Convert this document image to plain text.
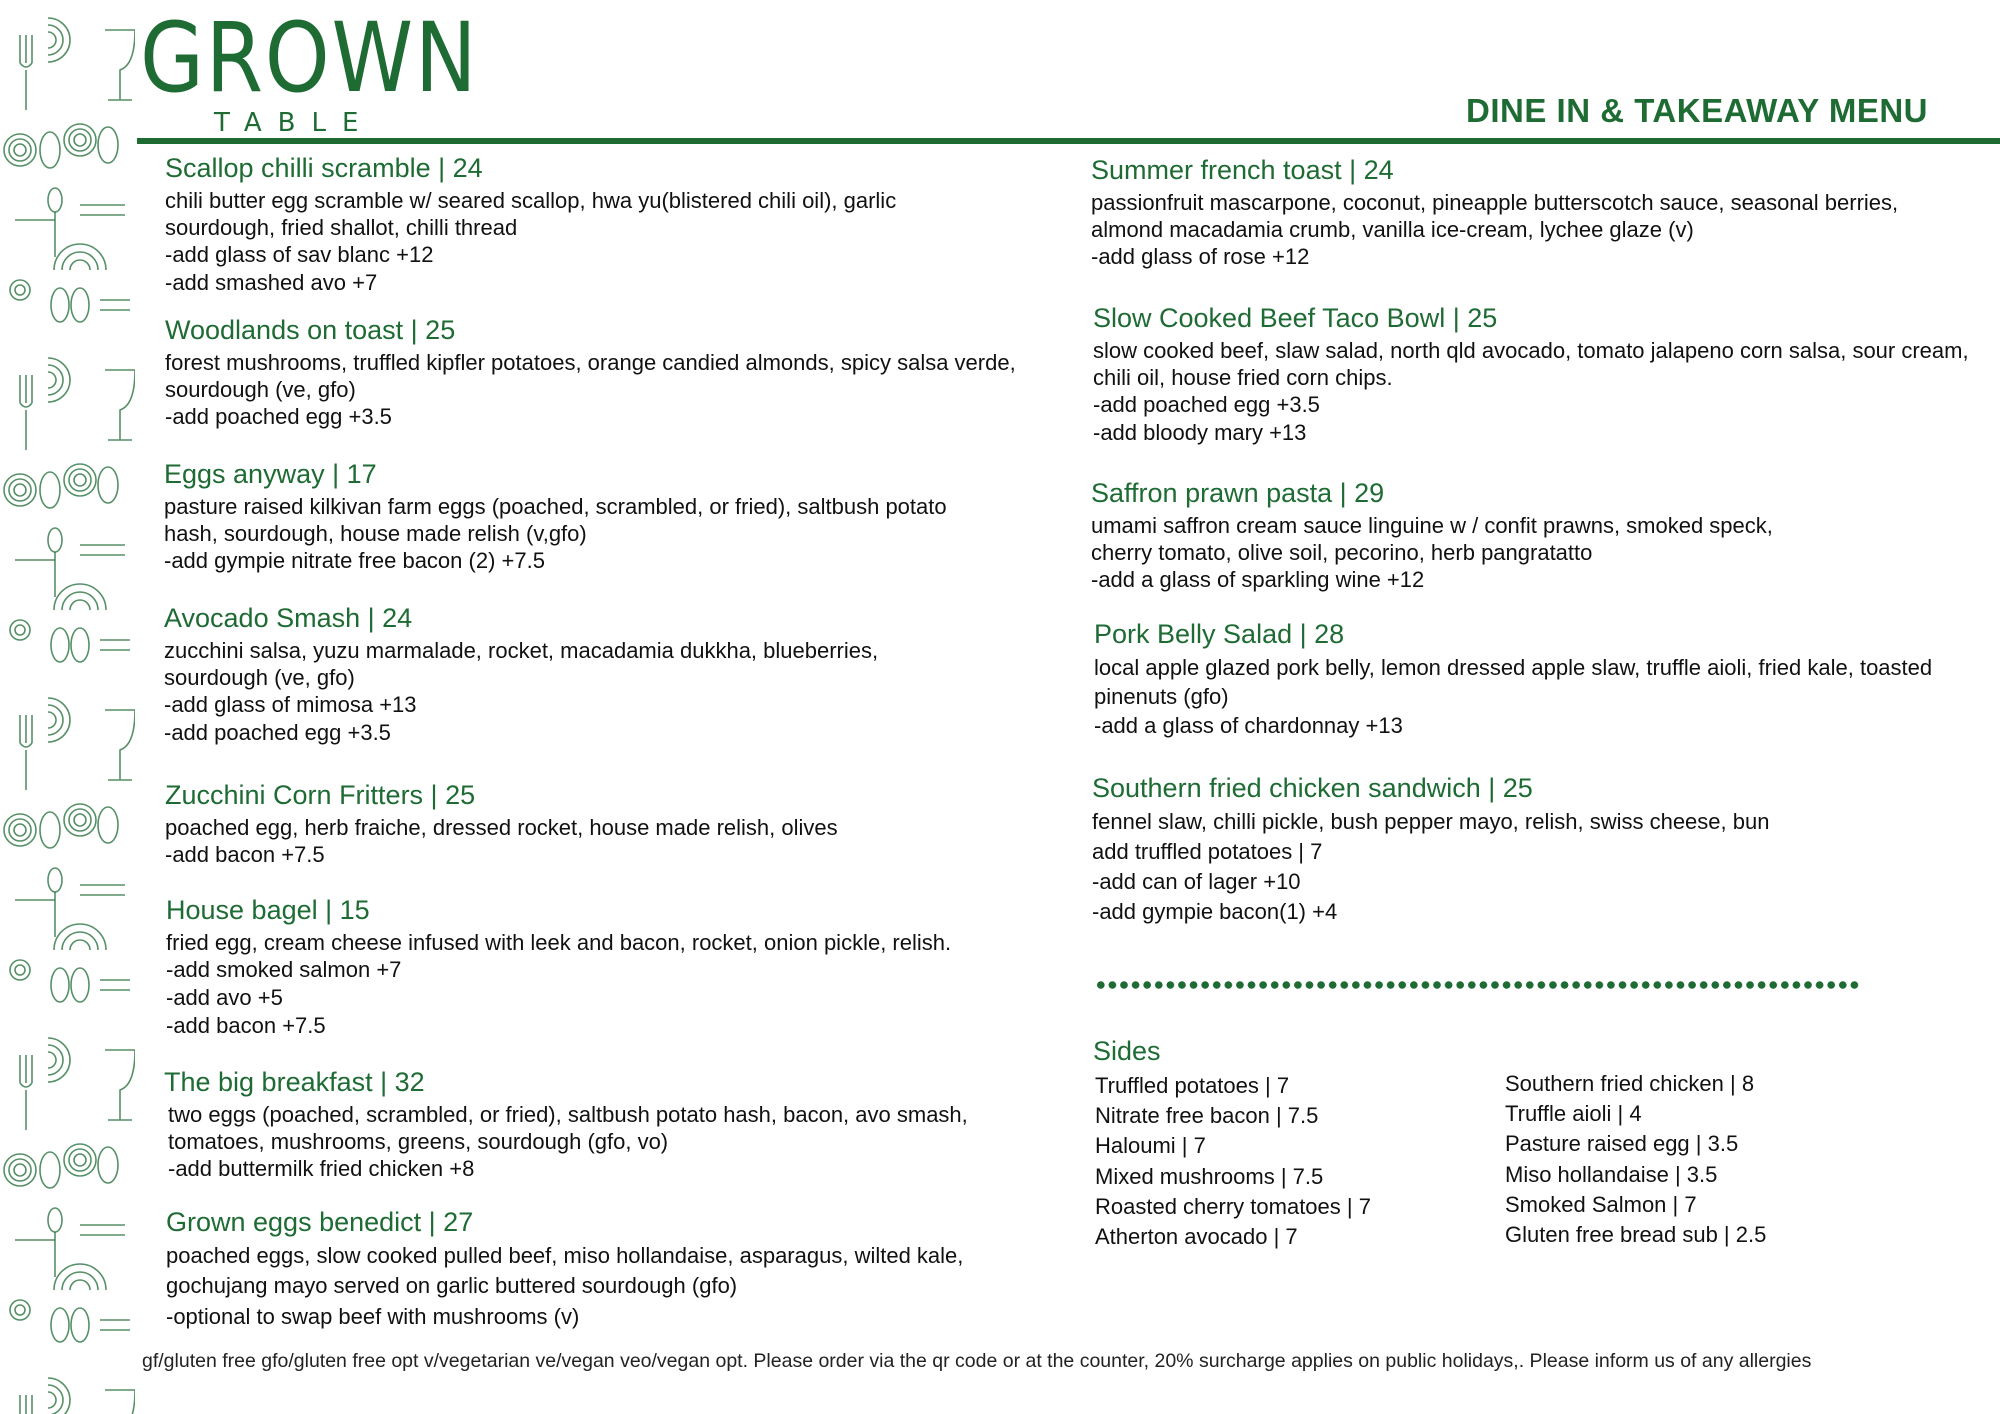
GROWN
TABLE	DINE IN & TAKEAWAY MENU
Scallop chilli scramble | 24
chili butter egg scramble w/ seared scallop, hwa yu(blistered chili oil), garlic sourdough, fried shallot, chilli thread
-add glass of sav blanc +12
-add smashed avo +7
Woodlands on toast | 25
forest mushrooms, truffled kipfler potatoes, orange candied almonds, spicy salsa verde, sourdough (ve, gfo)
-add poached egg +3.5
Eggs anyway | 17
pasture raised kilkivan farm eggs (poached, scrambled, or fried), saltbush potato hash, sourdough, house made relish (v,gfo)
-add gympie nitrate free bacon (2) +7.5
Avocado Smash | 24
zucchini salsa, yuzu marmalade, rocket, macadamia dukkha, blueberries, sourdough (ve, gfo)
-add glass of mimosa +13
-add poached egg +3.5
Zucchini Corn Fritters | 25
poached egg, herb fraiche, dressed rocket, house made relish, olives
-add bacon +7.5
House bagel | 15
fried egg, cream cheese infused with leek and bacon, rocket, onion pickle, relish.
-add smoked salmon +7
-add avo +5
-add bacon +7.5
The big breakfast | 32
two eggs (poached, scrambled, or fried), saltbush potato hash, bacon, avo smash, tomatoes, mushrooms, greens, sourdough (gfo, vo)
-add buttermilk fried chicken +8
Grown eggs benedict | 27
poached eggs, slow cooked pulled beef, miso hollandaise, asparagus, wilted kale, gochujang mayo served on garlic buttered sourdough (gfo)
-optional to swap beef with mushrooms (v)
Summer french toast | 24
passionfruit mascarpone, coconut, pineapple butterscotch sauce, seasonal berries, almond macadamia crumb, vanilla ice-cream, lychee glaze (v)
-add glass of rose +12
Slow Cooked Beef Taco Bowl | 25
slow cooked beef, slaw salad, north qld avocado, tomato jalapeno corn salsa, sour cream, chili oil, house fried corn chips.
-add poached egg +3.5
-add bloody mary +13
Saffron prawn pasta | 29
umami saffron cream sauce linguine w / confit prawns, smoked speck, cherry tomato, olive soil, pecorino, herb pangratatto
-add a glass of sparkling wine +12
Pork Belly Salad | 28
local apple glazed pork belly, lemon dressed apple slaw, truffle aioli, fried kale, toasted pinenuts (gfo)
-add a glass of chardonnay +13
Southern fried chicken sandwich | 25
fennel slaw, chilli pickle, bush pepper mayo, relish, swiss cheese, bun
add truffled potatoes | 7
-add can of lager +10
-add gympie bacon(1) +4
Sides
Truffled potatoes | 7
Nitrate free bacon | 7.5
Haloumi | 7
Mixed mushrooms | 7.5
Roasted cherry tomatoes | 7
Atherton avocado | 7
Southern fried chicken | 8
Truffle aioli | 4
Pasture raised egg | 3.5
Miso hollandaise | 3.5
Smoked Salmon | 7
Gluten free bread sub | 2.5
gf/gluten free gfo/gluten free opt v/vegetarian ve/vegan veo/vegan opt. Please order via the qr code or at the counter, 20% surcharge applies on public holidays,. Please inform us of any allergies
